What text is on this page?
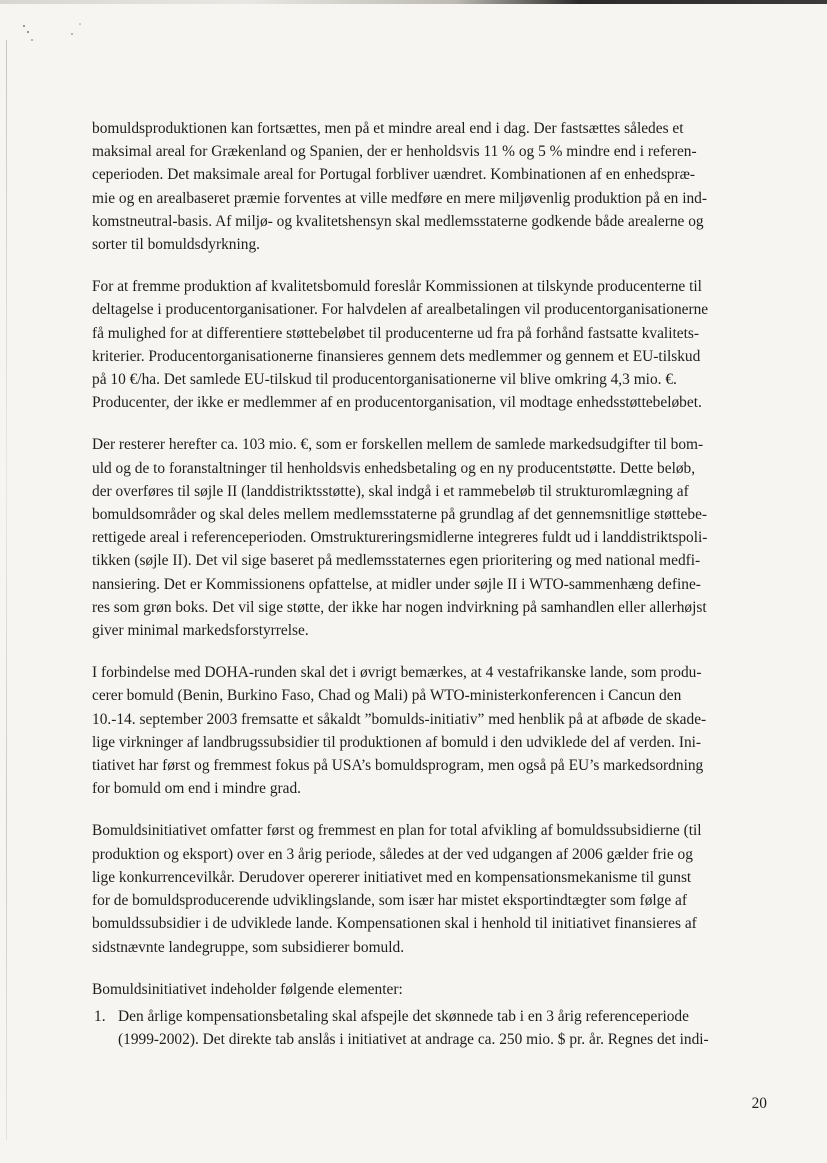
bomuldsproduktionen kan fortsættes, men på et mindre areal end i dag. Der fastsættes således et
maksimal areal for Grækenland og Spanien, der er henholdsvis 11 % og 5 % mindre end i referen-
ceperioden. Det maksimale areal for Portugal forbliver uændret. Kombinationen af en enhedspræ-
mie og en arealbaseret præmie forventes at ville medføre en mere miljøvenlig produktion på en ind-
komstneutral-basis. Af miljø- og kvalitetshensyn skal medlemsstaterne godkende både arealerne og
sorter til bomuldsdyrkning.

For at fremme produktion af kvalitetsbomuld foreslår Kommissionen at tilskynde producenterne til
deltagelse i producentorganisationer. For halvdelen af arealbetalingen vil producentorganisationerne
få mulighed for at differentiere støttebeløbet til producenterne ud fra på forhånd fastsatte kvalitets-
kriterier. Producentorganisationerne finansieres gennem dets medlemmer og gennem et EU-tilskud
på 10 €/ha. Det samlede EU-tilskud til producentorganisationerne vil blive omkring 4,3 mio. €.
Producenter, der ikke er medlemmer af en producentorganisation, vil modtage enhedsstøttebeløbet.

Der resterer herefter ca. 103 mio. €, som er forskellen mellem de samlede markedsudgifter til bom-
uld og de to foranstaltninger til henholdsvis enhedsbetaling og en ny producentstøtte. Dette beløb,
der overføres til søjle II (landdistriktsstøtte), skal indgå i et rammebeløb til strukturomlægning af
bomuldsområder og skal deles mellem medlemsstaterne på grundlag af det gennemsnitlige støttebe-
rettigede areal i referenceperioden. Omstruktureringsmidlerne integreres fuldt ud i landdistriktspoli-
tikken (søjle II). Det vil sige baseret på medlemsstaternes egen prioritering og med national medfi-
nansiering. Det er Kommissionens opfattelse, at midler under søjle II i WTO-sammenhæng define-
res som grøn boks. Det vil sige støtte, der ikke har nogen indvirkning på samhandlen eller allerhøjst
giver minimal markedsforstyrrelse.

I forbindelse med DOHA-runden skal det i øvrigt bemærkes, at 4 vestafrikanske lande, som produ-
cerer bomuld (Benin, Burkino Faso, Chad og Mali) på WTO-ministerkonferencen i Cancun den
10.-14. september 2003 fremsatte et såkaldt ”bomulds-initiativ” med henblik på at afbøde de skade-
lige virkninger af landbrugssubsidier til produktionen af bomuld i den udviklede del af verden. Ini-
tiativet har først og fremmest fokus på USA’s bomuldsprogram, men også på EU’s markedsordning
for bomuld om end i mindre grad.

Bomuldsinitiativet omfatter først og fremmest en plan for total afvikling af bomuldssubsidierne (til
produktion og eksport) over en 3 årig periode, således at der ved udgangen af 2006 gælder frie og
lige konkurrencevilkår. Derudover opererer initiativet med en kompensationsmekanisme til gunst
for de bomuldsproducerende udviklingslande, som især har mistet eksportindtægter som følge af
bomuldssubsidier i de udviklede lande. Kompensationen skal i henhold til initiativet finansieres af
sidstnævnte landegruppe, som subsidierer bomuld.

Bomuldsinitiativet indeholder følgende elementer:

1. Den årlige kompensationsbetaling skal afspejle det skønnede tab i en 3 årig referenceperiode
(1999-2002). Det direkte tab anslås i initiativet at andrage ca. 250 mio. $ pr. år. Regnes det indi-
20
